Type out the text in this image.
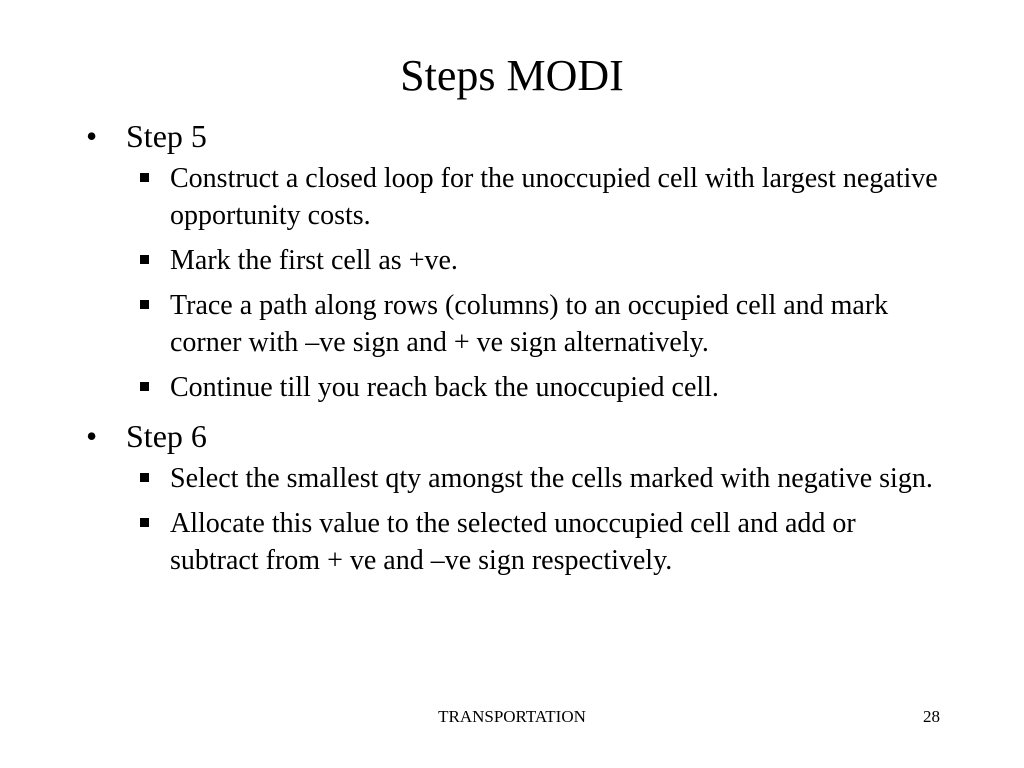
Steps MODI
• Step 5
Construct a closed loop for the unoccupied cell with largest negative opportunity costs.
Mark the first cell as +ve.
Trace a path along rows (columns) to an occupied cell and mark corner with –ve sign and + ve sign alternatively.
Continue till you reach back the unoccupied cell.
• Step 6
Select the smallest qty amongst the cells marked with negative sign.
Allocate this value to the selected unoccupied cell and add or subtract from + ve and –ve sign respectively.
TRANSPORTATION	28
